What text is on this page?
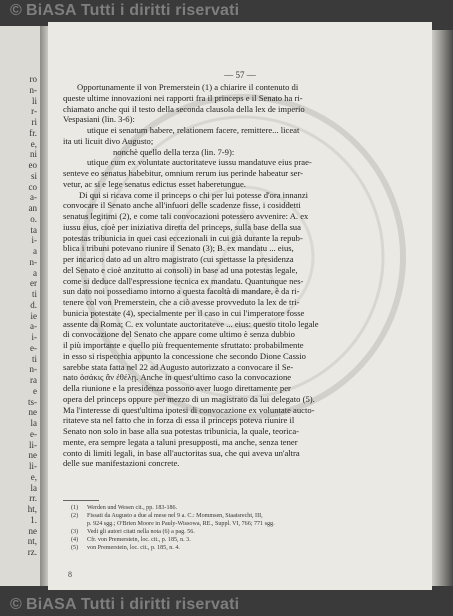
© BiASA Tutti i diritti riservati
ro
n-
li
r-
ri
fr.
e,
ni
eo
si
co
a-
an
o.
ta
i-
a
n-
a
er
ti
d.
ie
a-
i-
e-
ti
n-
ra
e
ts-
ne
la
e-
li-
ne
li-
e,
la
rr.
ht,
1.
ne
nt,
rz.
— 57 —
Opportunamente il von Premerstein (1) a chiarire il contenuto di
queste ultime innovazioni nei rapporti fra il princeps e il Senato ha ri-
chiamato anche qui il testo della seconda clausola della lex de imperio
Vespasiani (lin. 3-6):
utique ei senatum habere, relationem facere, remittere... liceat
ita uti licuit divo Augusto;
nonchè quello della terza (lin. 7-9):
utique cum ex voluntate auctoritateve iussu mandatuve eius prae-
senteve eo senatus habebitur, omnium rerum ius perinde habeatur ser-
vetur, ac si e lege senatus edictus esset haberetungue.
Di qui si ricava come il princeps o chi per lui potesse d'ora innanzi
convocare il Senato anche all'infuori delle scadenze fisse, i cosiddetti
senatus legitimi (2), e come tali convocazioni potessero avvenire: A. ex
iussu eius, cioè per iniziativa diretta del princeps, sulla base della sua
potestas tribunicia in quei casi eccezionali in cui già durante la repub-
blica i tribuni potevano riunire il Senato (3); B. ex mandatu ... eius,
per incarico dato ad un altro magistrato (cui spettasse la presidenza
del Senato e cioè anzitutto ai consoli) in base ad una potestas legale,
come si deduce dall'espressione tecnica ex mandatu. Quantunque nes-
sun dato noi possediamo intorno a questa facoltà di mandare, è da ri-
tenere col von Premerstein, che a ciò avesse provveduto la lex de tri-
bunicia potestate (4), specialmente per il caso in cui l'imperatore fosse
assente da Roma; C. ex voluntate auctoritateve ... eius: questo titolo legale
di convocazione del Senato che appare come ultimo è senza dubbio
il più importante e quello più frequentemente sfruttato: probabilmente
in esso si rispecchia appunto la concessione che secondo Dione Cassio
sarebbe stata fatta nel 22 ad Augusto autorizzato a convocare il Se-
nato ὁσάκις ἂν ἐθέλῃ. Anche in quest'ultimo caso la convocazione
della riunione e la presidenza possono aver luogo direttamente per
opera del princeps oppure per mezzo di un magistrato da lui delegato (5).
Ma l'interesse di quest'ultima ipotesi di convocazione ex voluntate aucto-
ritateve sta nel fatto che in forza di essa il princeps poteva riunire il
Senato non solo in base alla sua potestas tribunicia, la quale, teorica-
mente, era sempre legata a taluni presupposti, ma anche, senza tener
conto di limiti legali, in base all'auctoritas sua, che qui aveva un'altra
delle sue manifestazioni concrete.
(1) Werden und Wesen cit., pp. 183-186.
(2) Fissati da Augusto a due al mese nel 9 a. C.: Mommsen, Staatsrecht, III,
p. 924 sgg.; O'Brien Moore in Pauly-Wissowa, RE., Suppl. VI, 766; 771 sgg.
(3) Vedi gli autori citati nella nota (6) a pag. 56.
(4) Cfr. von Premerstein, loc. cit., p. 185, n. 3.
(5) von Premerstein, loc. cit., p. 185, n. 4.
8
© BiASA Tutti i diritti riservati
